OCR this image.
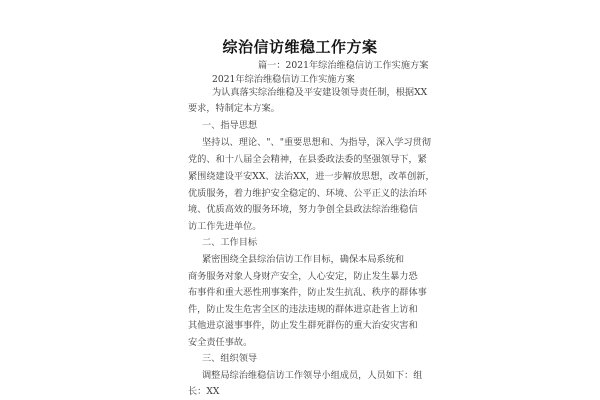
综治信访维稳工作方案
篇一：2021年综治维稳信访工作实施方案
2021年综治维稳信访工作实施方案
为认真落实综治维稳及平安建设领导责任制，根据XX
要求，特制定本方案。
一、指导思想
坚持以、理论、"、"重要思想和、为指导，深入学习贯彻
党的、和十八届全会精神，在县委政法委的坚强领导下，紧
紧围绕建设平安XX、法治XX，进一步解放思想，改革创新，
优质服务，着力维护安全稳定的、环境、公平正义的法治环
境、优质高效的服务环境，努力争创全县政法综治维稳信
访工作先进单位。
二、工作目标
紧密围绕全县综治信访工作目标，确保本局系统和
商务服务对象人身财产安全，人心安定，防止发生暴力恐
布事件和重大恶性刑事案件，防止发生抗乱、秩序的群体事
件，防止发生危害全区的违法违规的群体进京赴省上访和
其他进京滋事事件，防止发生群死群伤的重大治安灾害和
安全责任事故。
三、组织领导
调整局综治维稳信访工作领导小组成员，人员如下：组
长：XX
